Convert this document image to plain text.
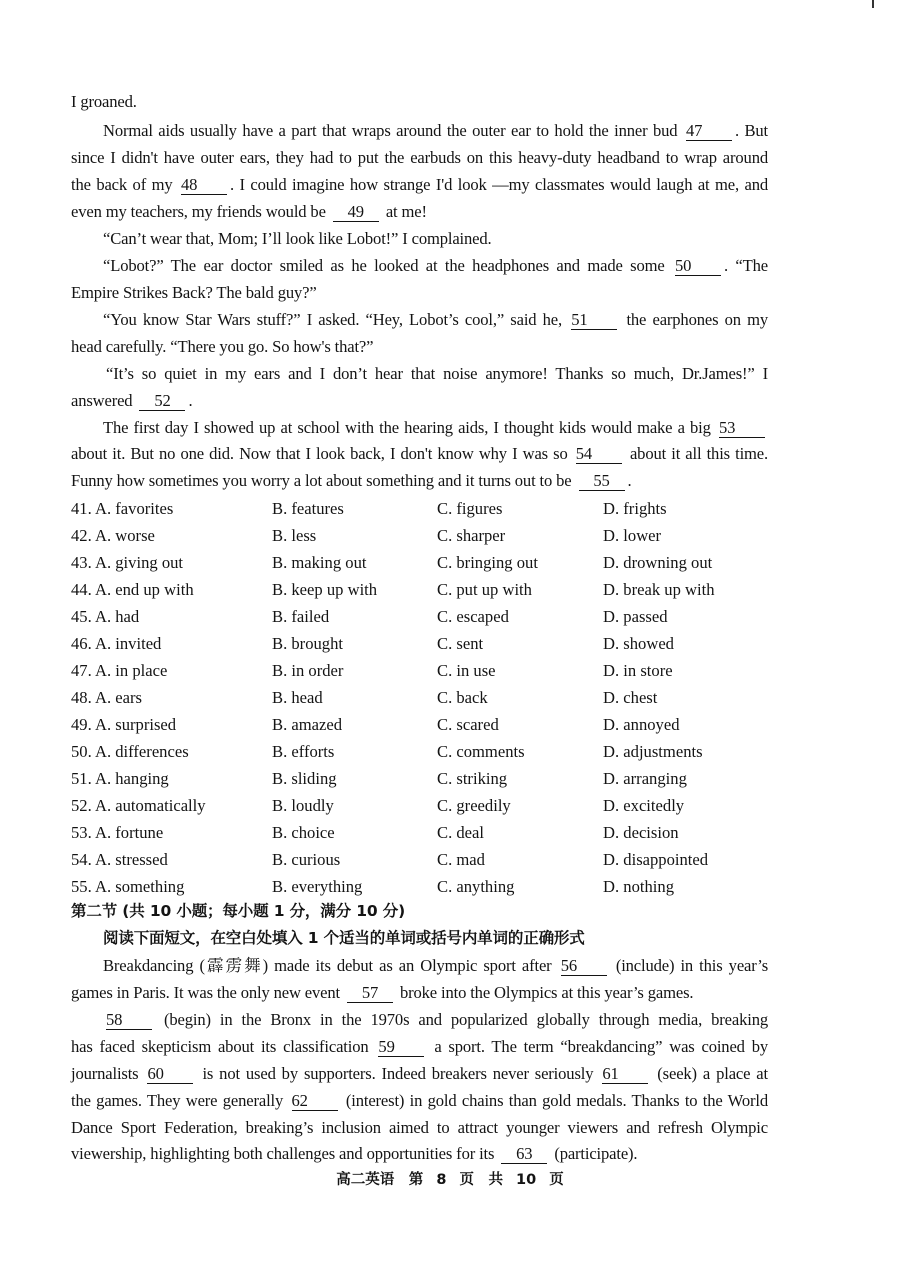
I groaned.
Normal aids usually have a part that wraps around the outer ear to hold the inner bud 47 . But
since I didn't have outer ears, they had to put the earbuds on this heavy-duty headband to wrap around
the back of my 48 . I could imagine how strange I'd look —my classmates would laugh at me, and
even my teachers, my friends would be 49 at me!
“Can’t wear that, Mom; I’ll look like Lobot!” I complained.
“Lobot?” The ear doctor smiled as he looked at the headphones and made some 50 . “The
Empire Strikes Back? The bald guy?”
“You know Star Wars stuff?” I asked. “Hey, Lobot’s cool,” said he, 51 the earphones on my
head carefully. “There you go. So how's that?”
“It’s so quiet in my ears and I don’t hear that noise anymore! Thanks so much, Dr.James!” I
answered 52 .
The first day I showed up at school with the hearing aids, I thought kids would make a big 53
about it. But no one did. Now that I look back, I don't know why I was so 54 about it all this time.
Funny how sometimes you worry a lot about something and it turns out to be 55 .
41. A. favorites	B. features	C. figures	D. frights
42. A. worse	B. less	C. sharper	D. lower
43. A. giving out	B. making out	C. bringing out	D. drowning out
44. A. end up with	B. keep up with	C. put up with	D. break up with
45. A. had	B. failed	C. escaped	D. passed
46. A. invited	B. brought	C. sent	D. showed
47. A. in place	B. in order	C. in use	D. in store
48. A. ears	B. head	C. back	D. chest
49. A. surprised	B. amazed	C. scared	D. annoyed
50. A. differences	B. efforts	C. comments	D. adjustments
51. A. hanging	B. sliding	C. striking	D. arranging
52. A. automatically	B. loudly	C. greedily	D. excitedly
53. A. fortune	B. choice	C. deal	D. decision
54. A. stressed	B. curious	C. mad	D. disappointed
55. A. something	B. everything	C. anything	D. nothing
第二节 (共 10 小题；每小题 1 分，满分 10 分)
阅读下面短文，在空白处填入 1 个适当的单词或括号内单词的正确形式
Breakdancing (霹雳舞) made its debut as an Olympic sport after 56 (include) in this year’s
games in Paris. It was the only new event 57 broke into the Olympics at this year’s games.
58	(begin) in the Bronx in the 1970s and popularized globally through media, breaking
has faced skepticism about its classification 59 a sport. The term “breakdancing” was coined by
journalists 60 is not used by supporters. Indeed breakers never seriously 61 (seek) a place at
the games. They were generally 62 (interest) in gold chains than gold medals. Thanks to the World
Dance Sport Federation, breaking’s inclusion aimed to attract younger viewers and refresh Olympic
viewership, highlighting both challenges and opportunities for its 63 (participate).
高二英语　第 8 页　共 10 页
